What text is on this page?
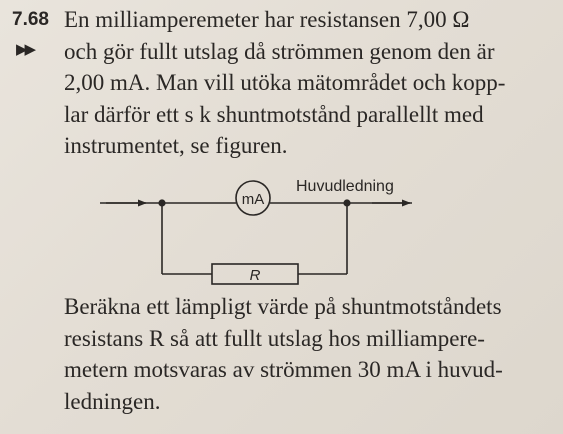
7.68
▶▶
En milliamperemeter har resistansen 7,00 Ω
och gör fullt utslag då strömmen genom den är
2,00 mA. Man vill utöka mätområdet och kopp-
lar därför ett s k shuntmotstånd parallellt med
instrumentet, se figuren.
mA
Huvudledning
R
Beräkna ett lämpligt värde på shuntmotståndets
resistans R så att fullt utslag hos milliampere-
metern motsvaras av strömmen 30 mA i huvud-
ledningen.
